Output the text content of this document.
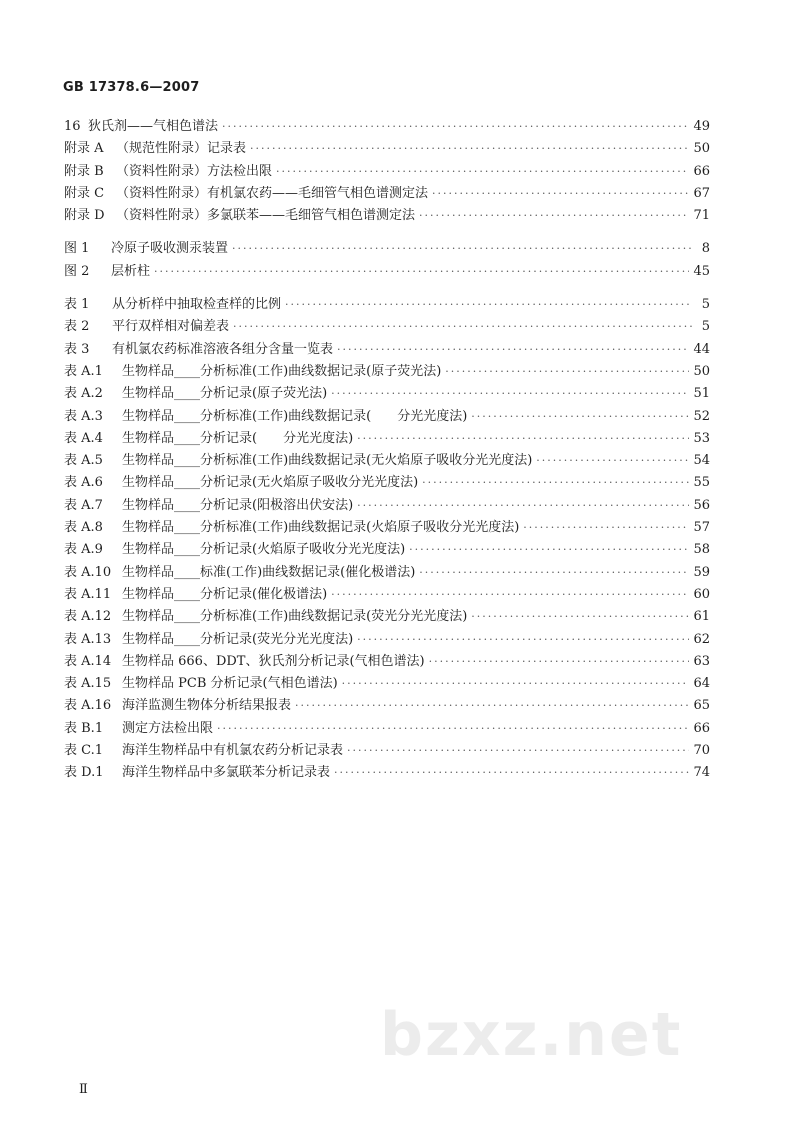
GB 17378.6—2007
16 狄氏剂——气相色谱法 ·····	49
附录 A （规范性附录）记录表 ·····	50
附录 B （资料性附录）方法检出限 ·····	66
附录 C （资料性附录）有机氯农药——毛细管气相色谱测定法 ·····	67
附录 D （资料性附录）多氯联苯——毛细管气相色谱测定法 ·····	71
图 1	冷原子吸收测汞装置 ·····	8
图 2	层析柱 ·····	45
表 1	从分析样中抽取检查样的比例 ·····	5
表 2	平行双样相对偏差表 ·····	5
表 3	有机氯农药标准溶液各组分含量一览表 ·····	44
表 A.1	生物样品____分析标准(工作)曲线数据记录(原子荧光法) ·····	50
表 A.2	生物样品____分析记录(原子荧光法) ·····	51
表 A.3	生物样品____分析标准(工作)曲线数据记录(　　分光光度法) ·····	52
表 A.4	生物样品____分析记录(　　分光光度法) ·····	53
表 A.5	生物样品____分析标准(工作)曲线数据记录(无火焰原子吸收分光光度法) ·····	54
表 A.6	生物样品____分析记录(无火焰原子吸收分光光度法) ·····	55
表 A.7	生物样品____分析记录(阳极溶出伏安法) ·····	56
表 A.8	生物样品____分析标准(工作)曲线数据记录(火焰原子吸收分光光度法) ·····	57
表 A.9	生物样品____分析记录(火焰原子吸收分光光度法) ·····	58
表 A.10 生物样品____标准(工作)曲线数据记录(催化极谱法) ·····	59
表 A.11 生物样品____分析记录(催化极谱法) ·····	60
表 A.12 生物样品____分析标准(工作)曲线数据记录(荧光分光光度法) ·····	61
表 A.13 生物样品____分析记录(荧光分光光度法) ·····	62
表 A.14 生物样品 666、DDT、狄氏剂分析记录(气相色谱法) ·····	63
表 A.15 生物样品 PCB 分析记录(气相色谱法) ·····	64
表 A.16 海洋监测生物体分析结果报表 ·····	65
表 B.1	测定方法检出限 ·····	66
表 C.1	海洋生物样品中有机氯农药分析记录表 ·····	70
表 D.1	海洋生物样品中多氯联苯分析记录表 ·····	74
Ⅱ
bzxz.net
